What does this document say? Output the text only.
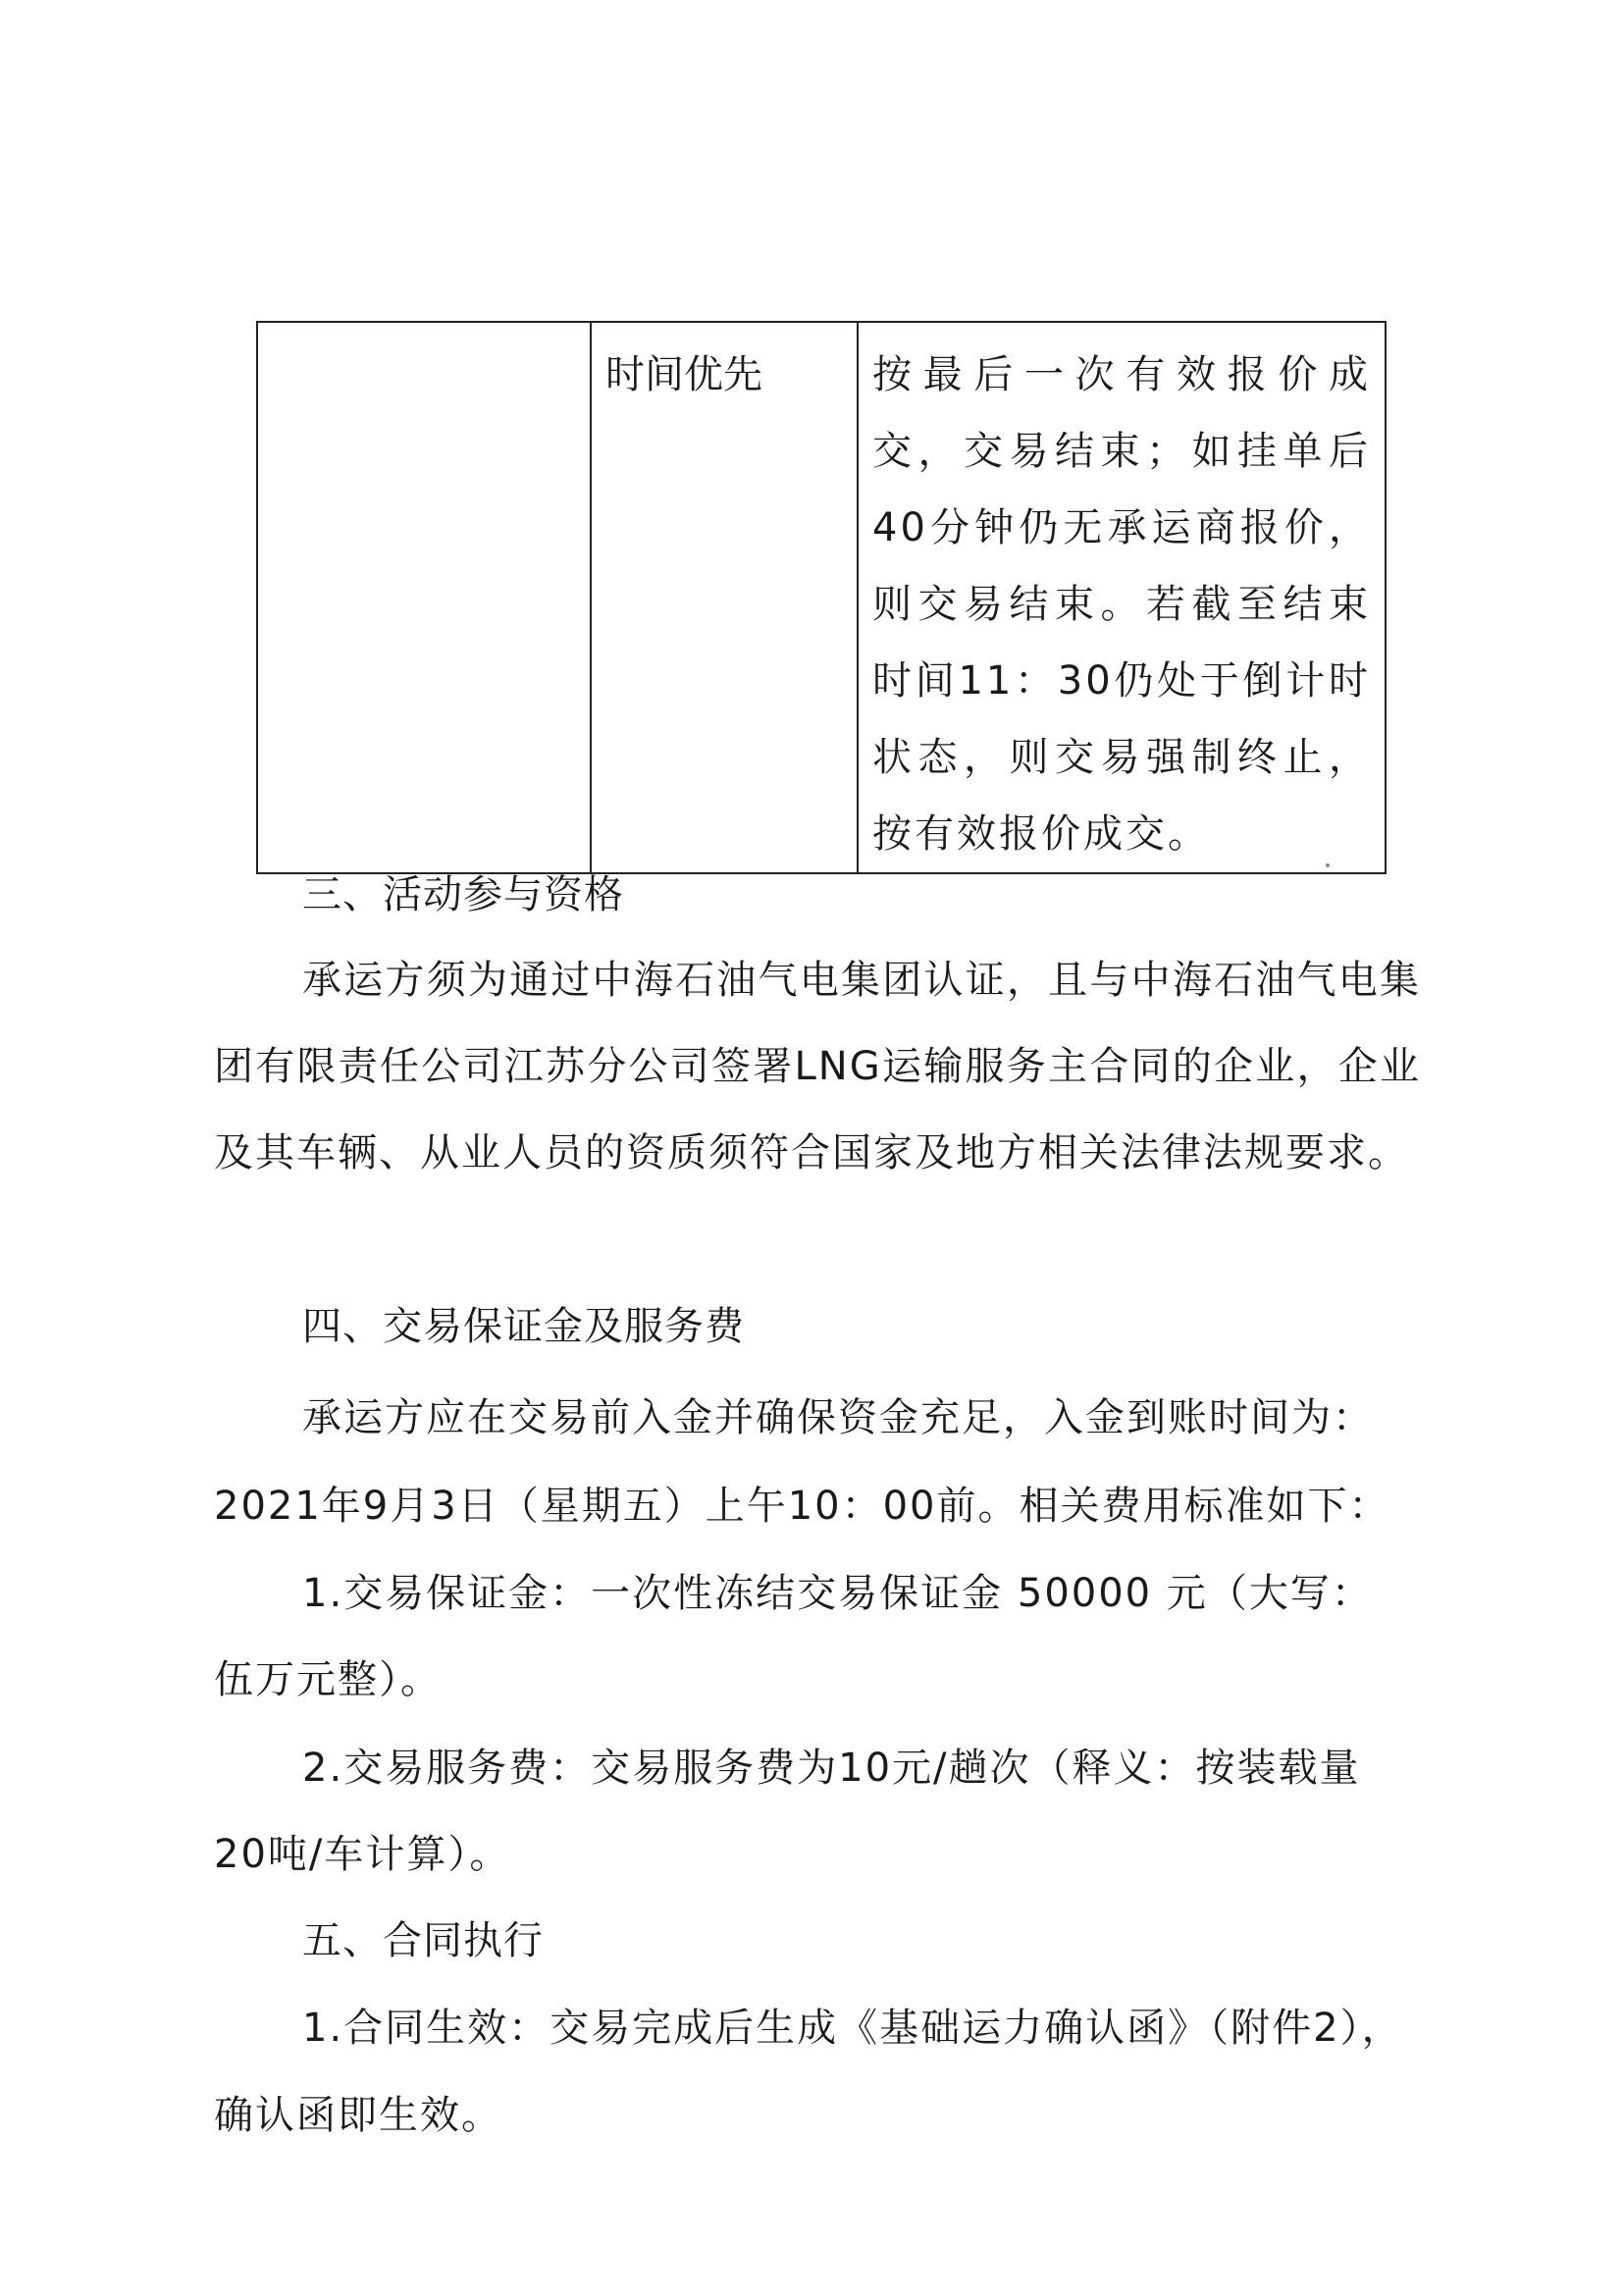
	时间优先	按最后一次有效报价成交，交易结束；如挂单后40分钟仍无承运商报价，则交易结束。若截至结束时间11：30仍处于倒计时状态，则交易强制终止，按有效报价成交。
三、活动参与资格
承运方须为通过中海石油气电集团认证，且与中海石油气电集团有限责任公司江苏分公司签署LNG运输服务主合同的企业，企业及其车辆、从业人员的资质须符合国家及地方相关法律法规要求。
四、交易保证金及服务费
承运方应在交易前入金并确保资金充足，入金到账时间为：
2021年9月3日（星期五）上午10：00前。相关费用标准如下：
1.交易保证金：一次性冻结交易保证金 50000 元（大写：
伍万元整）。
2.交易服务费：交易服务费为10元/趟次（释义：按装载量
20吨/车计算）。
五、合同执行
1.合同生效：交易完成后生成《基础运力确认函》（附件2），
确认函即生效。
